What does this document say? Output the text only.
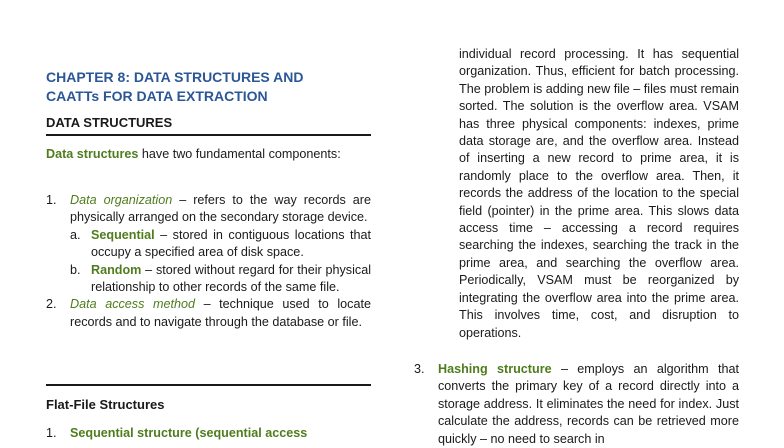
CHAPTER 8: DATA STRUCTURES AND
CAATTs FOR DATA EXTRACTION
DATA STRUCTURES
Data structures have two fundamental components:
1. Data organization – refers to the way records are physically arranged on the secondary storage device.
a. Sequential – stored in contiguous locations that occupy a specified area of disk space.
b. Random – stored without regard for their physical relationship to other records of the same file.
2. Data access method – technique used to locate records and to navigate through the database or file.
Flat-File Structures
1. Sequential structure (sequential access
individual record processing. It has sequential organization. Thus, efficient for batch processing. The problem is adding new file – files must remain sorted. The solution is the overflow area. VSAM has three physical components: indexes, prime data storage are, and the overflow area. Instead of inserting a new record to prime area, it is randomly place to the overflow area. Then, it records the address of the location to the special field (pointer) in the prime area. This slows data access time – accessing a record requires searching the indexes, searching the track in the prime area, and searching the overflow area. Periodically, VSAM must be reorganized by integrating the overflow area into the prime area. This involves time, cost, and disruption to operations.
3. Hashing structure – employs an algorithm that converts the primary key of a record directly into a storage address. It eliminates the need for index. Just calculate the address, records can be retrieved more quickly – no need to search in
